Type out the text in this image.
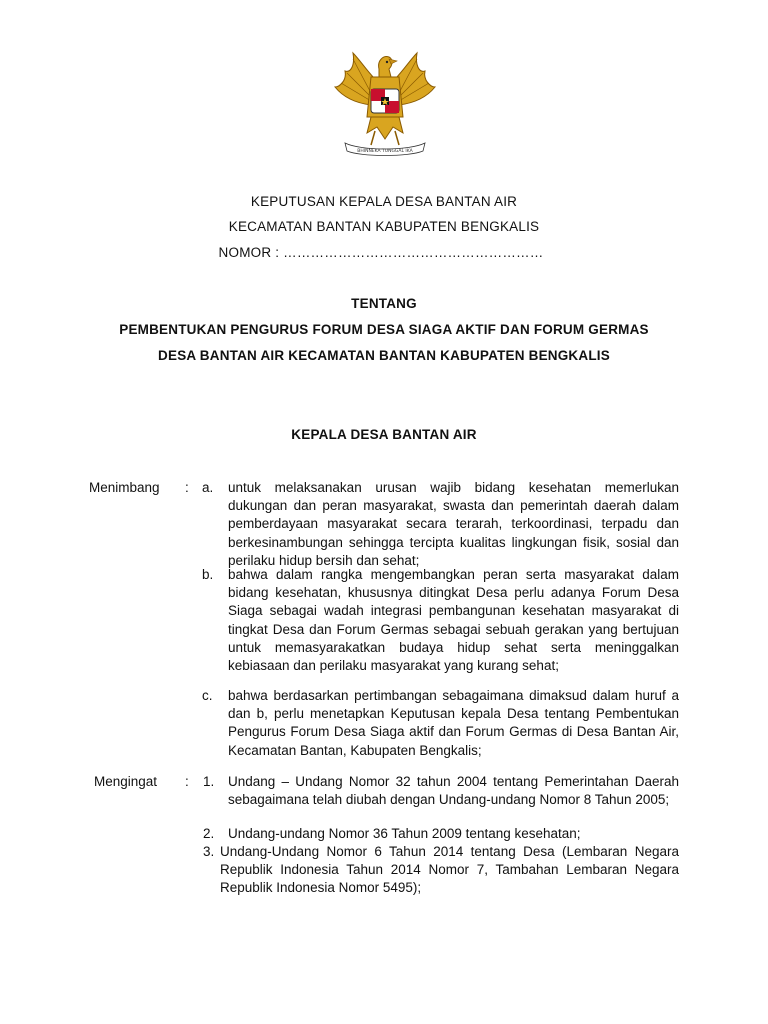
BHINNEKA TUNGGAL IKA
KEPUTUSAN KEPALA DESA BANTAN AIR
KECAMATAN BANTAN KABUPATEN BENGKALIS
NOMOR : …………………………………………………
TENTANG
PEMBENTUKAN PENGURUS FORUM DESA SIAGA AKTIF DAN FORUM GERMAS
DESA BANTAN AIR KECAMATAN BANTAN KABUPATEN BENGKALIS
KEPALA DESA BANTAN AIR
Menimbang : a. untuk melaksanakan urusan wajib bidang kesehatan memerlukan dukungan dan peran masyarakat, swasta dan pemerintah daerah dalam pemberdayaan masyarakat secara terarah, terkoordinasi, terpadu dan berkesinambungan sehingga tercipta kualitas lingkungan fisik, sosial dan perilaku hidup bersih dan sehat;

b. bahwa dalam rangka mengembangkan peran serta masyarakat dalam bidang kesehatan, khususnya ditingkat Desa perlu adanya Forum Desa Siaga sebagai wadah integrasi pembangunan kesehatan masyarakat di tingkat Desa dan Forum Germas sebagai sebuah gerakan yang bertujuan untuk memasyarakatkan budaya hidup sehat serta meninggalkan kebiasaan dan perilaku masyarakat yang kurang sehat;

c. bahwa berdasarkan pertimbangan sebagaimana dimaksud dalam huruf a dan b, perlu menetapkan Keputusan kepala Desa tentang Pembentukan Pengurus Forum Desa Siaga aktif dan Forum Germas di Desa Bantan Air, Kecamatan Bantan, Kabupaten Bengkalis;

Mengingat : 1. Undang – Undang Nomor 32 tahun 2004 tentang Pemerintahan Daerah sebagaimana telah diubah dengan Undang-undang Nomor 8 Tahun 2005;

2. Undang-undang Nomor 36 Tahun 2009 tentang kesehatan;

3. Undang-Undang Nomor 6 Tahun 2014 tentang Desa (Lembaran Negara Republik Indonesia Tahun 2014 Nomor 7, Tambahan Lembaran Negara Republik Indonesia Nomor 5495);
